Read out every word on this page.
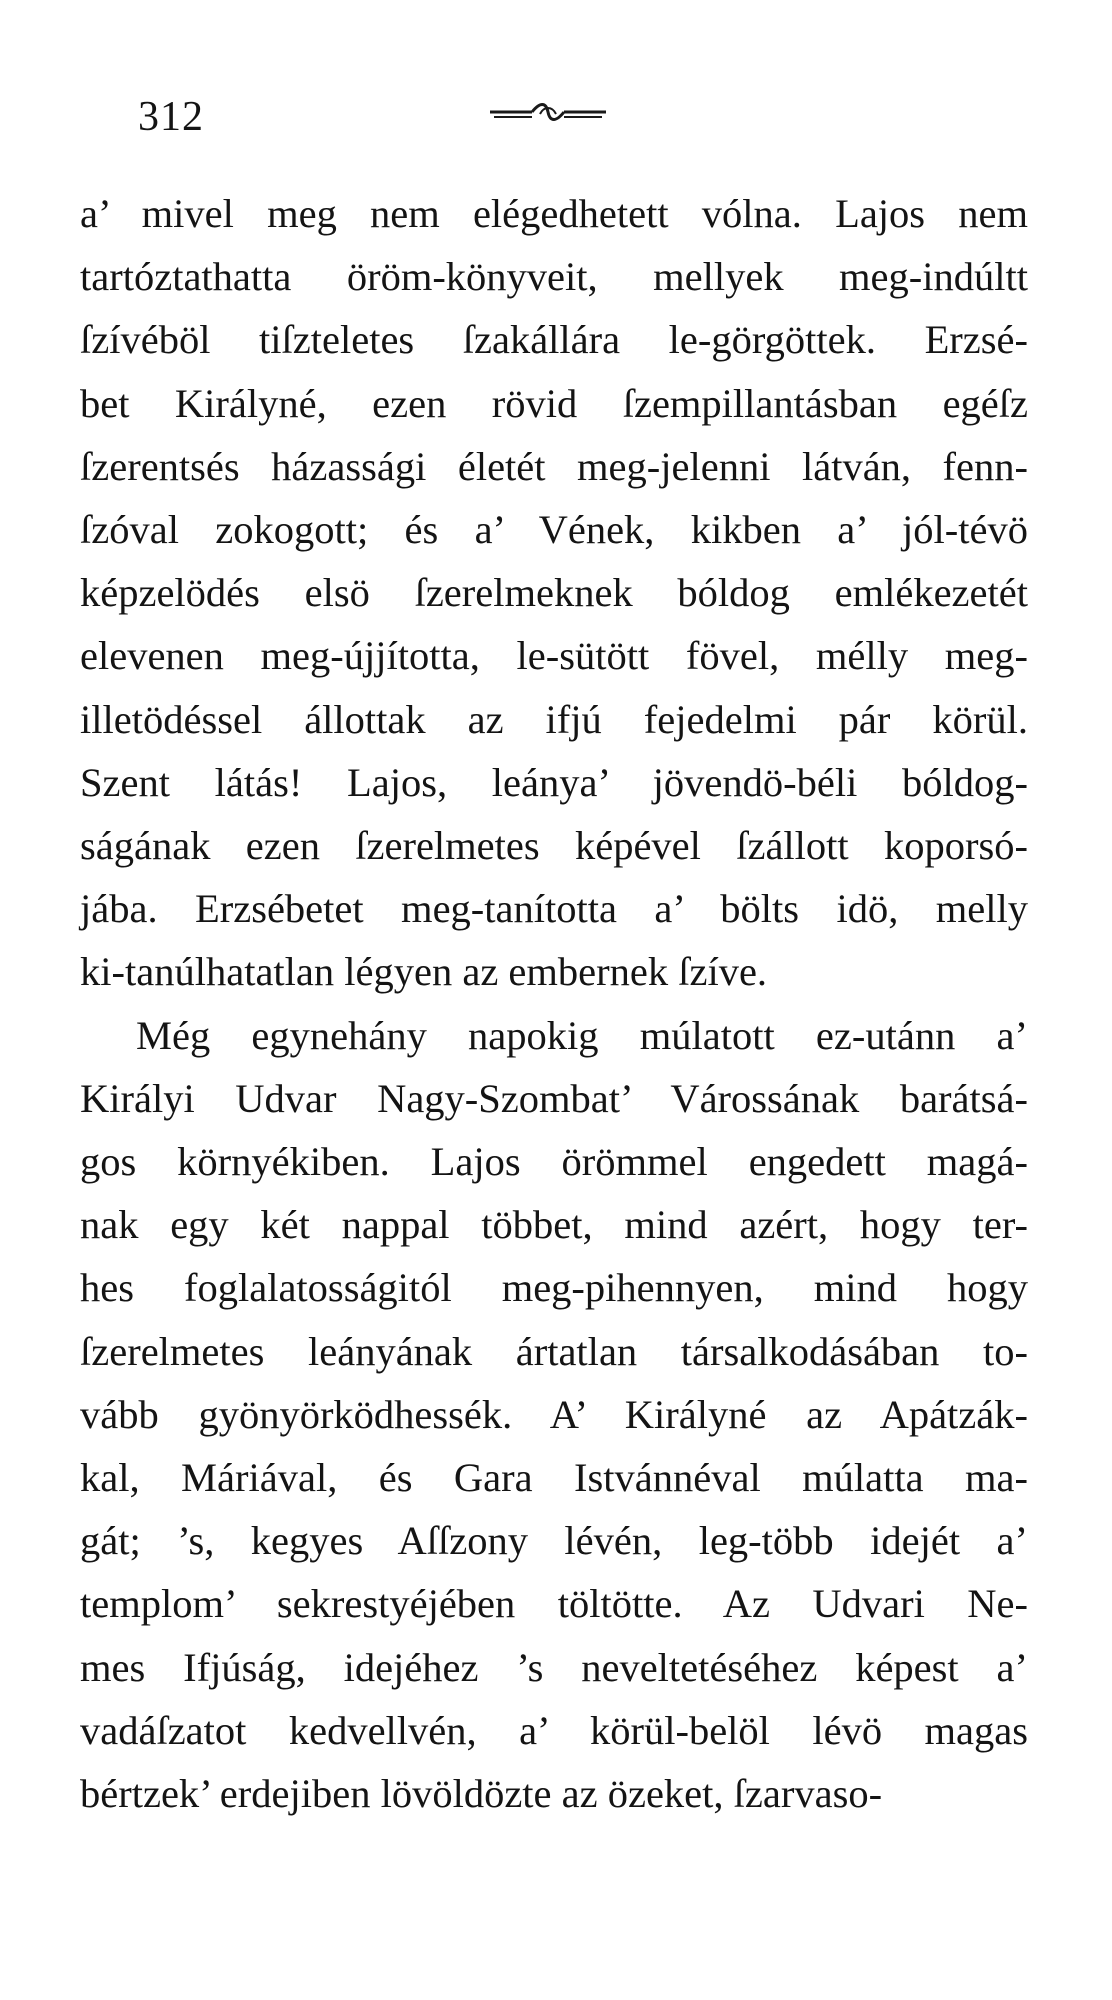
312
a’ mivel meg nem elégedhetett vólna. Lajos nem
tartóztathatta öröm-könyveit, mellyek meg-indúltt
ſzívéböl tiſzteletes ſzakállára le-görgöttek. Erzsé-
bet Királyné, ezen rövid ſzempillantásban egéſz
ſzerentsés házassági életét meg-jelenni látván, fenn-
ſzóval zokogott; és a’ Vének, kikben a’ jól-tévö
képzelödés elsö ſzerelmeknek bóldog emlékezetét
elevenen meg-újjította, le-sütött fövel, mélly meg-
illetödéssel állottak az ifjú fejedelmi pár körül.
Szent látás! Lajos, leánya’ jövendö-béli bóldog-
ságának ezen ſzerelmetes képével ſzállott koporsó-
jába. Erzsébetet meg-tanította a’ bölts idö, melly
ki-tanúlhatatlan légyen az embernek ſzíve.
Még egynehány napokig múlatott ez-utánn a’
Királyi Udvar Nagy-Szombat’ Várossának barátsá-
gos környékiben. Lajos örömmel engedett magá-
nak egy két nappal többet, mind azért, hogy ter-
hes foglalatosságitól meg-pihennyen, mind hogy
ſzerelmetes leányának ártatlan társalkodásában to-
vább gyönyörködhessék. A’ Királyné az Apátzák-
kal, Máriával, és Gara Istvánnéval múlatta ma-
gát; ’s, kegyes Aſſzony lévén, leg-több idejét a’
templom’ sekrestyéjében töltötte. Az Udvari Ne-
mes Ifjúság, idejéhez ’s neveltetéséhez képest a’
vadáſzatot kedvellvén, a’ körül-belöl lévö magas
bértzek’ erdejiben lövöldözte az özeket, ſzarvaso-
